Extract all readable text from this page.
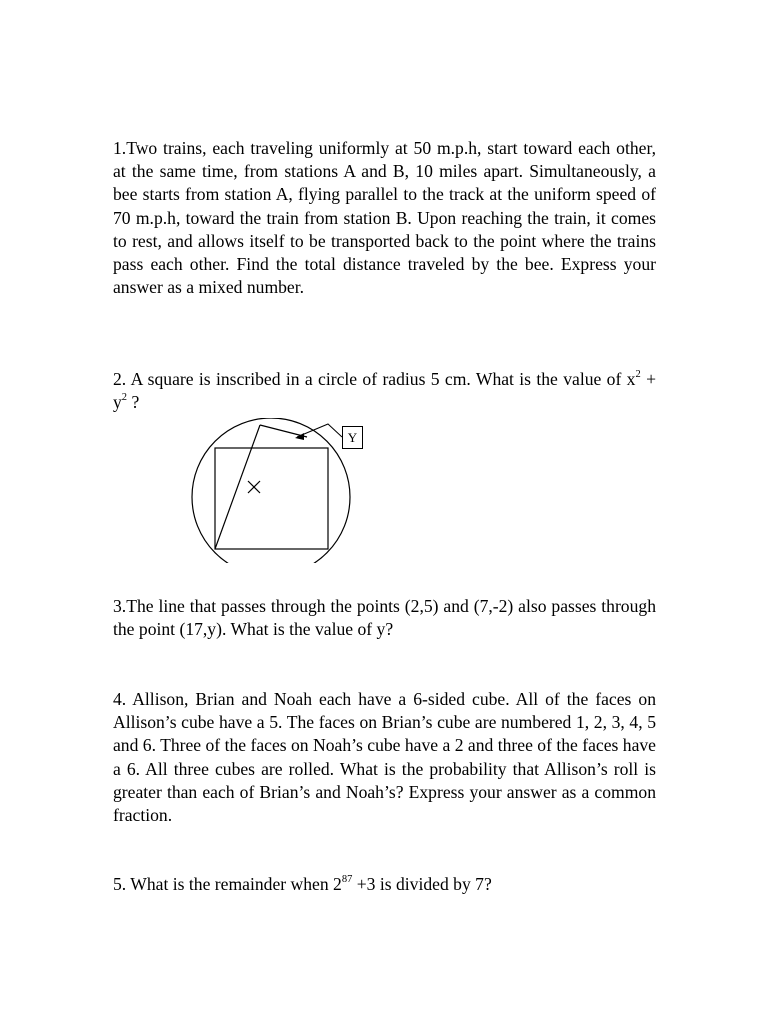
1.Two trains, each traveling uniformly at 50 m.p.h, start toward each other, at the same time, from stations A and B, 10 miles apart. Simultaneously, a bee starts from station A, flying parallel to the track at the uniform speed of 70 m.p.h, toward the train from station B. Upon reaching the train, it comes to rest, and allows itself to be transported back to the point where the trains pass each other. Find the total distance traveled by the bee. Express your answer as a mixed number.

2. A square is inscribed in a circle of radius 5 cm. What is the value of $x^2 + y^2$ ?

Y

3.The line that passes through the points (2,5) and (7,-2) also passes through the point (17,y). What is the value of y?

4. Allison, Brian and Noah each have a 6-sided cube. All of the faces on Allison’s cube have a 5. The faces on Brian’s cube are numbered 1, 2, 3, 4, 5 and 6. Three of the faces on Noah’s cube have a 2 and three of the faces have a 6. All three cubes are rolled. What is the probability that Allison’s roll is greater than each of Brian’s and Noah’s? Express your answer as a common fraction.

5. What is the remainder when $2^{87} +3$ is divided by 7?
